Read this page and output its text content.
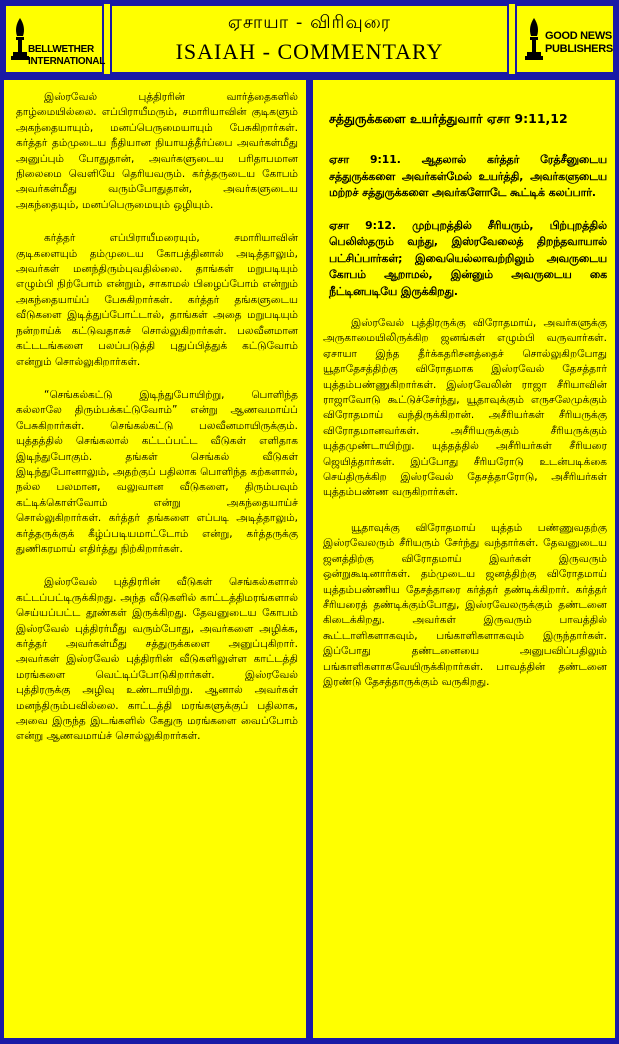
BELLWETHER
INTERNATIONAL
ஏசாயா - விரிவுரை
ISAIAH - COMMENTARY
GOOD NEWS
PUBLISHERS

இஸ்ரவேல் புத்திரரின் வார்த்தைகளில் தாழ்மையில்லை. எப்பிராயீமரும், சமாரியாவின் குடிகளும் அகந்தையாயும், மனப்பெருமையாயும் பேசுகிறார்கள். கர்த்தர் தம்முடைய நீதியான நியாயத்தீர்ப்பை அவர்கள்மீது அனுப்பும் போதுதான், அவர்களுடைய பரிதாபமான நிலைமை வெளியே தெரியவரும். கர்த்தருடைய கோபம் அவர்கள்மீது வரும்போதுதான், அவர்களுடைய அகந்தையும், மனப்பெருமையும் ஒழியும்.

கர்த்தர் எப்பிராயீமரையும், சமாரியாவின் குடிகளையும் தம்முடைய கோபத்தினால் அடித்தாலும், அவர்கள் மனந்திரும்புவதில்லை. தாங்கள் மறுபடியும் எழும்பி நிற்போம் என்றும், சாகாமல் பிழைப்போம் என்றும் அகந்தையாய்ப் பேசுகிறார்கள். கர்த்தர் தங்களுடைய வீடுகளை இடித்துப்போட்டால், தாங்கள் அதை மறுபடியும் நன்றாய்க் கட்டுவதாகச் சொல்லுகிறார்கள். பலவீனமான கட்டடங்களை பலப்படுத்தி புதுப்பித்துக் கட்டுவோம் என்றும் சொல்லுகிறார்கள்.

“செங்கல்கட்டு இடிந்துபோயிற்று, பொளிந்த கல்லாலே திரும்பக்கட்டுவோம்” என்று ஆணவமாய்ப் பேசுகிறார்கள். செங்கல்கட்டு பலவீனமாயிருக்கும். யுத்தத்தில் செங்கலால் கட்டப்பட்ட வீடுகள் எளிதாக இடிந்துபோகும். தங்கள் செங்கல் வீடுகள் இடிந்துபோனாலும், அதற்குப் பதிலாக பொளிந்த கற்களால், நல்ல பலமான, வலுவான வீடுகளை, திரும்பவும் கட்டிக்கொள்வோம் என்று அகந்தையாய்ச் சொல்லுகிறார்கள். கர்த்தர் தங்களை எப்படி அடித்தாலும், கர்த்தருக்குக் கீழ்ப்படியமாட்டோம் என்று, கர்த்தருக்கு துணிகரமாய் எதிர்த்து நிற்கிறார்கள்.

இஸ்ரவேல் புத்திரரின் வீடுகள் செங்கல்களால் கட்டப்பட்டிருக்கிறது. அந்த வீடுகளில் காட்டத்திமரங்களால் செய்யப்பட்ட தூண்கள் இருக்கிறது. தேவனுடைய கோபம் இஸ்ரவேல் புத்திரர்மீது வரும்போது, அவர்களை அழிக்க, கர்த்தர் அவர்கள்மீது சத்துருக்களை அனுப்புகிறார். அவர்கள் இஸ்ரவேல் புத்திரரின் வீடுகளிலுள்ள காட்டத்தி மரங்களை வெட்டிப்போடுகிறார்கள். இஸ்ரவேல் புத்திரருக்கு அழிவு உண்டாயிற்று. ஆனால் அவர்கள் மனந்திரும்பவில்லை. காட்டத்தி மரங்களுக்குப் பதிலாக, அவை இருந்த இடங்களில் கேதுரு மரங்களை வைப்போம் என்று ஆணவமாய்ச் சொல்லுகிறார்கள்.

சத்துருக்களை உயர்த்துவார் ஏசா 9:11,12

ஏசா 9:11. ஆதலால் கர்த்தர் ரேத்சீனுடைய சத்துருக்களை அவர்கள்மேல் உயர்த்தி, அவர்களுடைய மற்றச் சத்துருக்களை அவர்களோடே கூட்டிக் கலப்பார்.

ஏசா 9:12. முற்புறத்தில் சீரியரும், பிற்புறத்தில் பெலிஸ்தரும் வந்து, இஸ்ரவேலைத் திறந்தவாயால் பட்சிப்பார்கள்; இவையெல்லாவற்றிலும் அவருடைய கோபம் ஆறாமல், இன்னும் அவருடைய கை நீட்டினபடியே இருக்கிறது.

இஸ்ரவேல் புத்திரருக்கு விரோதமாய், அவர்களுக்கு அருகாமையிலிருக்கிற ஜனங்கள் எழும்பி வருவார்கள். ஏசாயா இந்த தீர்க்கதரிசனத்தைச் சொல்லுகிறபோது யூதாதேசத்திற்கு விரோதமாக இஸ்ரவேல் தேசத்தார் யுத்தம்பண்ணுகிறார்கள். இஸ்ரவேலின் ராஜா சீரியாவின் ராஜாவோடு கூட்டுச்சேர்ந்து, யூதாவுக்கும் எருசலேமுக்கும் விரோதமாய் வந்திருக்கிறான். அசீரியர்கள் சீரியருக்கு விரோதமானவர்கள். அசீரியருக்கும் சீரியருக்கும் யுத்தமுண்டாயிற்று. யுத்தத்தில் அசீரியர்கள் சீரியரை ஜெயித்தார்கள். இப்போது சீரியரோடு உடன்படிக்கை செய்திருக்கிற இஸ்ரவேல் தேசத்தாரோடு, அசீரியர்கள் யுத்தம்பண்ண வருகிறார்கள்.

யூதாவுக்கு விரோதமாய் யுத்தம் பண்ணுவதற்கு இஸ்ரவேலரும் சீரியரும் சேர்ந்து வந்தார்கள். தேவனுடைய ஜனத்திற்கு விரோதமாய் இவர்கள் இருவரும் ஒன்றுகூடினார்கள். தம்முடைய ஜனத்திற்கு விரோதமாய் யுத்தம்பண்ணிய தேசத்தாரை கர்த்தர் தண்டிக்கிறார். கர்த்தர் சீரியரைத் தண்டிக்கும்போது, இஸ்ரவேலருக்கும் தண்டனை கிடைக்கிறது. அவர்கள் இருவரும் பாவத்தில் கூட்டாளிகளாகவும், பங்காளிகளாகவும் இருந்தார்கள். இப்போது தண்டனையை அனுபவிப்பதிலும் பங்காளிகளாகவேயிருக்கிறார்கள். பாவத்தின் தண்டனை இரண்டு தேசத்தாருக்கும் வருகிறது.
